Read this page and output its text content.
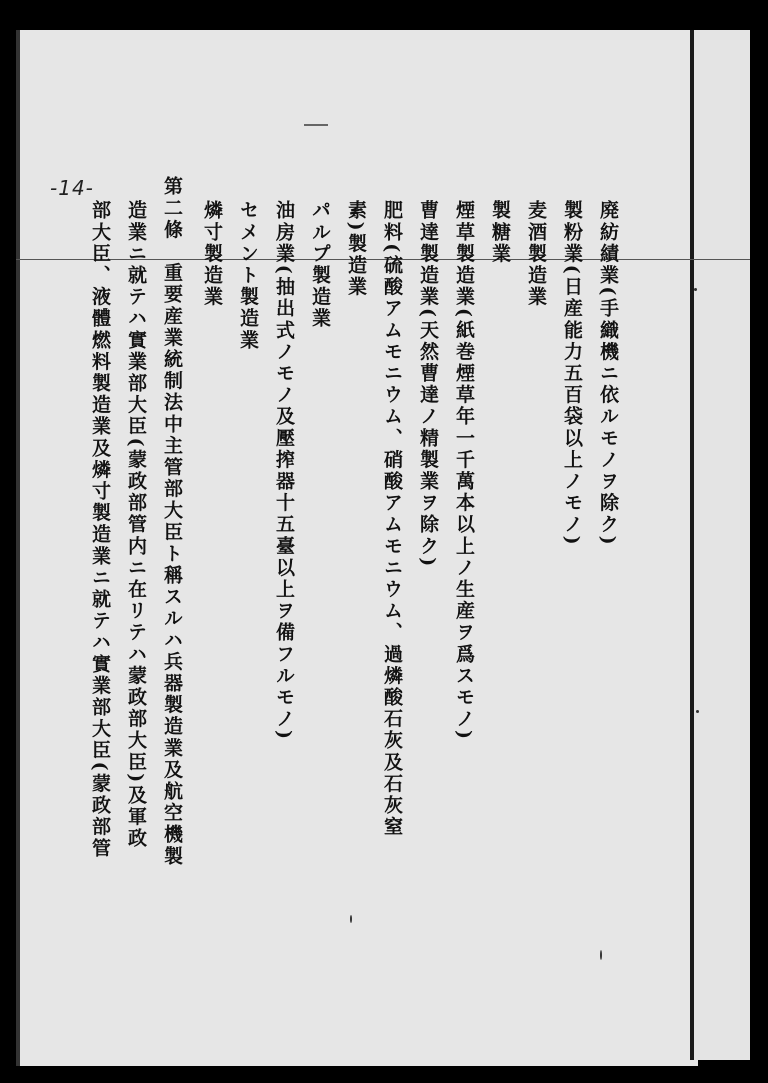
-14-
廃紡績業(手織機ニ依ルモノヲ除ク)
製粉業(日産能力五百袋以上ノモノ)
麦酒製造業
製糖業
煙草製造業(紙巻煙草年一千萬本以上ノ生産ヲ爲スモノ)
曹達製造業(天然曹達ノ精製業ヲ除ク)
肥料(硫酸アムモニウム、硝酸アムモニウム、過燐酸石灰及石灰窒
素)製造業
パルプ製造業
油房業(抽出式ノモノ及壓搾器十五臺以上ヲ備フルモノ)
セメント製造業
燐寸製造業
第二條　重要産業統制法中主管部大臣ト稱スルハ兵器製造業及航空機製
造業ニ就テハ實業部大臣(蒙政部管内ニ在リテハ蒙政部大臣)及軍政
部大臣、液體燃料製造業及燐寸製造業ニ就テハ實業部大臣(蒙政部管
